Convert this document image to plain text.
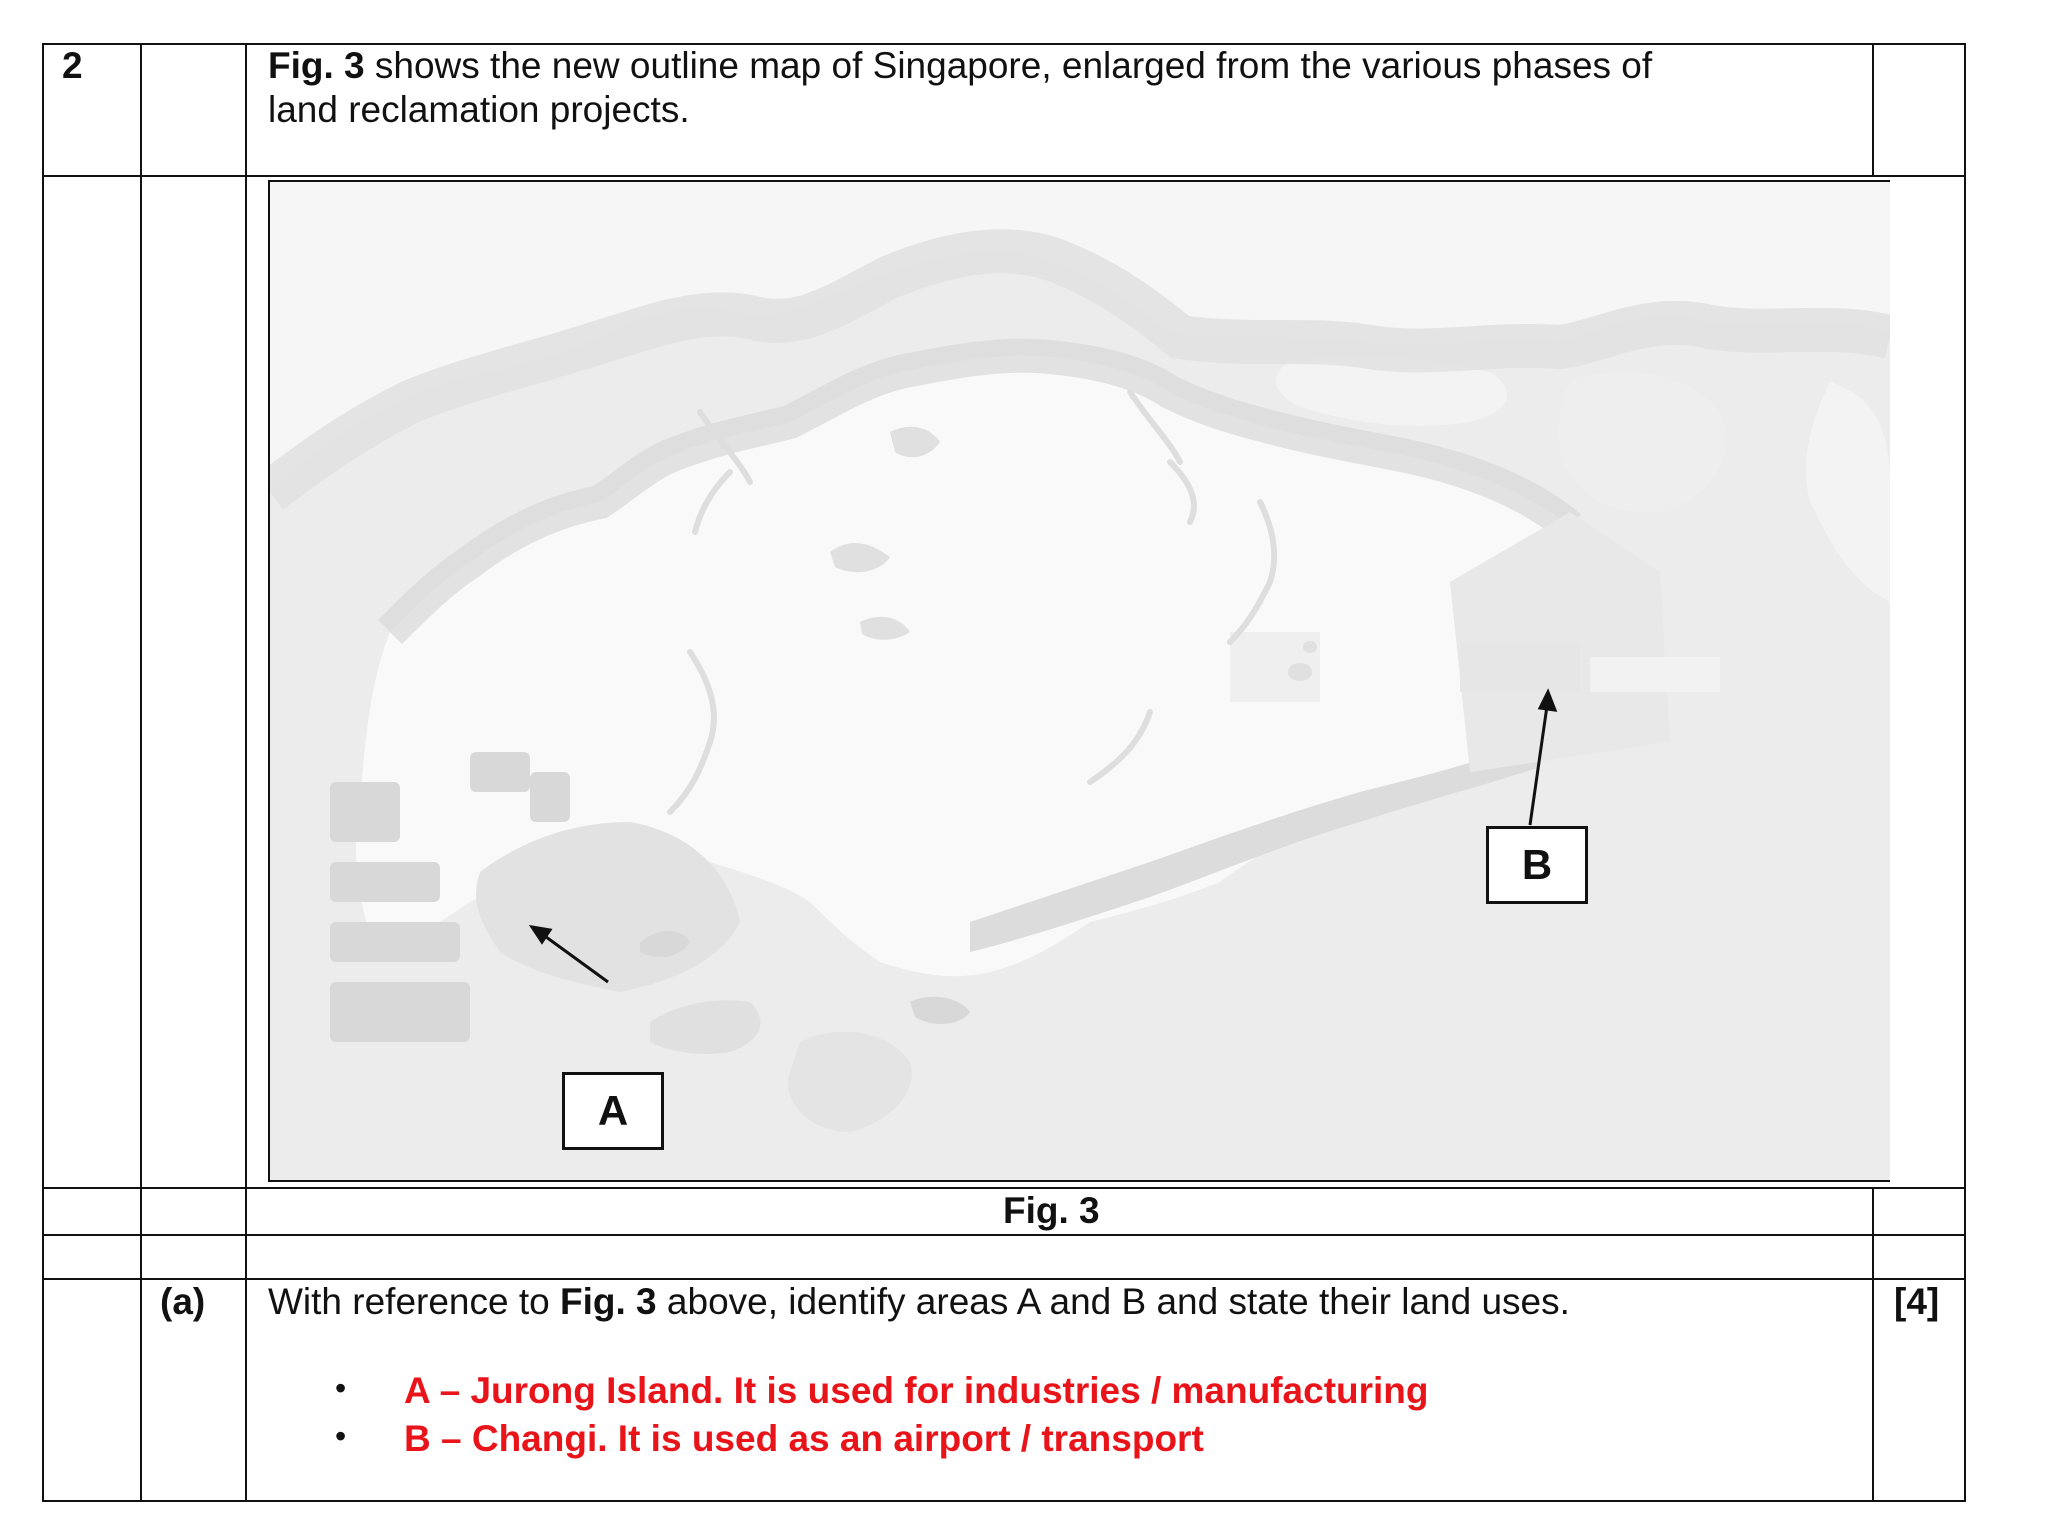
2	Fig. 3 shows the new outline map of Singapore, enlarged from the various phases of
land reclamation projects.
A
B
Fig. 3
(a) With reference to Fig. 3 above, identify areas A and B and state their land uses.	[4]
• A – Jurong Island. It is used for industries / manufacturing
• B – Changi. It is used as an airport / transport
